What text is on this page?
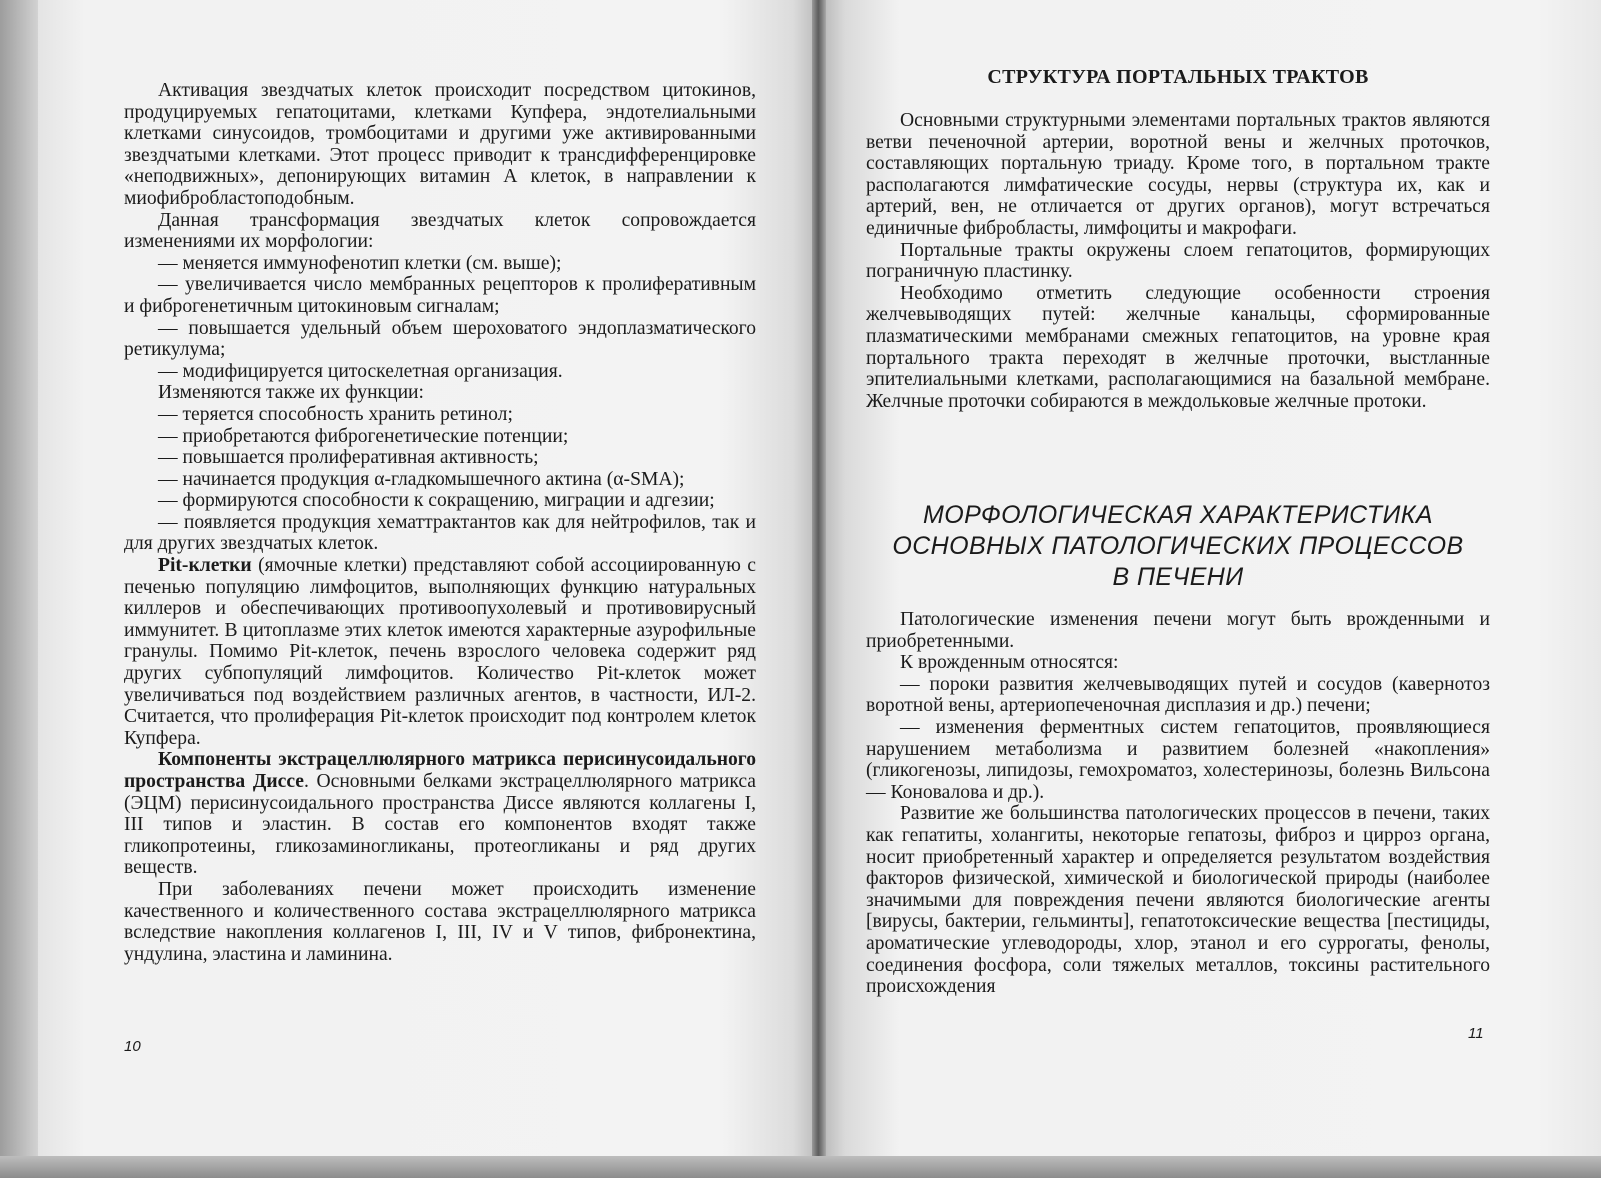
Активация звездчатых клеток происходит посредством цитокинов, продуцируемых гепатоцитами, клетками Купфера, эндотелиальными клетками синусоидов, тромбоцитами и другими уже активированными звездчатыми клетками. Этот процесс приводит к трансдифференцировке «неподвижных», депонирующих витамин А клеток, в направлении к миофибробластоподобным.

Данная трансформация звездчатых клеток сопровождается изменениями их морфологии:

— меняется иммунофенотип клетки (см. выше);

— увеличивается число мембранных рецепторов к пролиферативным и фиброгенетичным цитокиновым сигналам;

— повышается удельный объем шероховатого эндоплазматического ретикулума;

— модифицируется цитоскелетная организация.

Изменяются также их функции:

— теряется способность хранить ретинол;

— приобретаются фиброгенетические потенции;

— повышается пролиферативная активность;

— начинается продукция α-гладкомышечного актина (α-SMA);

— формируются способности к сокращению, миграции и адгезии;

— появляется продукция хематтрактантов как для нейтрофилов, так и для других звездчатых клеток.

Pit-клетки (ямочные клетки) представляют собой ассоциированную с печенью популяцию лимфоцитов, выполняющих функцию натуральных киллеров и обеспечивающих противоопухолевый и противовирусный иммунитет. В цитоплазме этих клеток имеются характерные азурофильные гранулы. Помимо Pit-клеток, печень взрослого человека содержит ряд других субпопуляций лимфоцитов. Количество Pit-клеток может увеличиваться под воздействием различных агентов, в частности, ИЛ-2. Считается, что пролиферация Pit-клеток происходит под контролем клеток Купфера.

Компоненты экстрацеллюлярного матрикса перисинусоидального пространства Диссе. Основными белками экстрацеллюлярного матрикса (ЭЦМ) перисинусоидального пространства Диссе являются коллагены I, III типов и эластин. В состав его компонентов входят также гликопротеины, гликозаминогликаны, протеогликаны и ряд других веществ.

При заболеваниях печени может происходить изменение качественного и количественного состава экстрацеллюлярного матрикса вследствие накопления коллагенов I, III, IV и V типов, фибронектина, ундулина, эластина и ламинина.

СТРУКТУРА ПОРТАЛЬНЫХ ТРАКТОВ

Основными структурными элементами портальных трактов являются ветви печеночной артерии, воротной вены и желчных проточков, составляющих портальную триаду. Кроме того, в портальном тракте располагаются лимфатические сосуды, нервы (структура их, как и артерий, вен, не отличается от других органов), могут встречаться единичные фибробласты, лимфоциты и макрофаги.

Портальные тракты окружены слоем гепатоцитов, формирующих пограничную пластинку.

Необходимо отметить следующие особенности строения желчевыводящих путей: желчные канальцы, сформированные плазматическими мембранами смежных гепатоцитов, на уровне края портального тракта переходят в желчные проточки, выстланные эпителиальными клетками, располагающимися на базальной мембране. Желчные проточки собираются в междольковые желчные протоки.

МОРФОЛОГИЧЕСКАЯ ХАРАКТЕРИСТИКА
ОСНОВНЫХ ПАТОЛОГИЧЕСКИХ ПРОЦЕССОВ
В ПЕЧЕНИ

Патологические изменения печени могут быть врожденными и приобретенными.

К врожденным относятся:

— пороки развития желчевыводящих путей и сосудов (кавернотоз воротной вены, артериопеченочная дисплазия и др.) печени;

— изменения ферментных систем гепатоцитов, проявляющиеся нарушением метаболизма и развитием болезней «накопления» (гликогенозы, липидозы, гемохроматоз, холестеринозы, болезнь Вильсона — Коновалова и др.).

Развитие же большинства патологических процессов в печени, таких как гепатиты, холангиты, некоторые гепатозы, фиброз и цирроз органа, носит приобретенный характер и определяется результатом воздействия факторов физической, химической и биологической природы (наиболее значимыми для повреждения печени являются биологические агенты [вирусы, бактерии, гельминты], гепатотоксические вещества [пестициды, ароматические углеводороды, хлор, этанол и его суррогаты, фенолы, соединения фосфора, соли тяжелых металлов, токсины растительного происхождения

10
11
